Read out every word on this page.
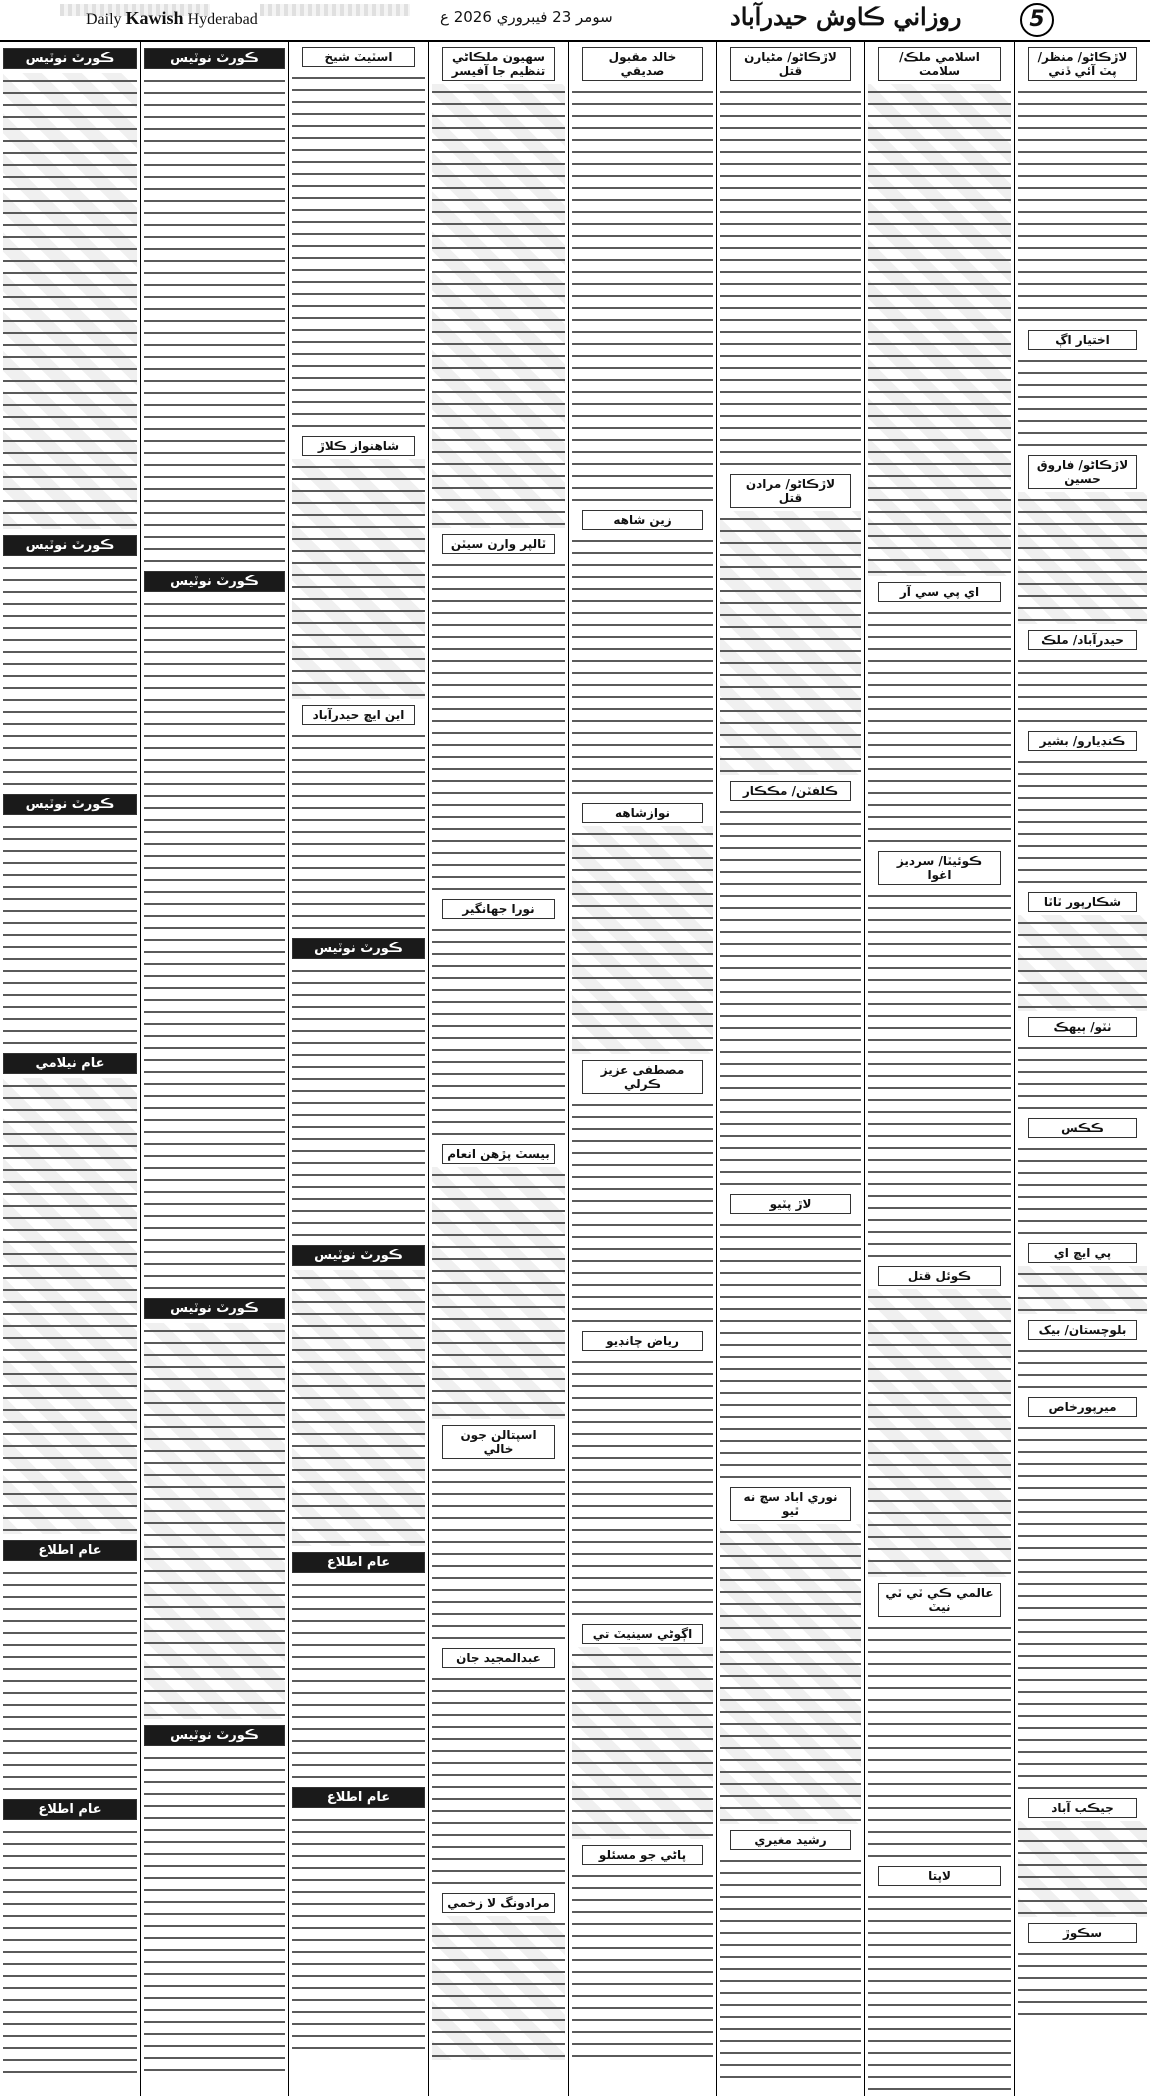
Daily Kawish Hyderabad	سومر 23 فيبروري 2026 ع	روزاني ڪاوش حيدرآباد	5
ڪورٽ نوٽيس
ڪورٽ نوٽيس
ڪورٽ نوٽيس
عام نيلامي
عام اطلاع
عام اطلاع
ڪورٽ نوٽيس
ڪورٽ نوٽيس
ڪورٽ نوٽيس
ڪورٽ نوٽيس
اسٽيٽ شيخ
شاهنواز ڪلاڙ
اين ايڇ حيدرآباد
ڪورٽ نوٽيس
ڪورٽ نوٽيس
عام اطلاع
عام اطلاع
سهيون ملڪاڻي تنظيم جا آفيسر
ٽالپر وارن سيٽن
نورا جهانگير
بيسٽ پڙهن انعام
اسپتالن جون خالي
عبدالمجيد جان
مرادونگ لا زخمي
خالد مقبول صديقي
زين شاهه
نوازشاهه
مصطفى عزيز ڪرلي
رياض چانڊيو
اڳوڻي سينيٽ تي
پاڻي جو مسئلو
لاڙڪاڻو/ مڻيارن قتل
لاڙڪاڻو/ مرادن قتل
ڪلفٽن/ مڪڪار
لاڙ پٽيو
نوري اباد سچ نه ٿيو
رشيد مغيري
اسلامي ملڪ/ سلامت
اي پي سي آر
ڪوئيٽا/ سرديز اغوا
ڪوئل قتل
عالمي ڪي ٽي ٽي نيٽ
لاپتا
لاڙڪاڻو/ منظر/ پٽ آئي ڏني
اختيار اڳ
لاڙڪاڻو/ فاروق حسين
حيدرآباد/ ملڪ
ڪنڊيارو/ بشير
شڪارپور ٽاٽا
ٺٽو/ ٻيهڪ
ڪڪس
پي ايڇ اي
بلوچستان/ بيک
ميرپورخاص
جيڪب آباد
سڪوڙ
